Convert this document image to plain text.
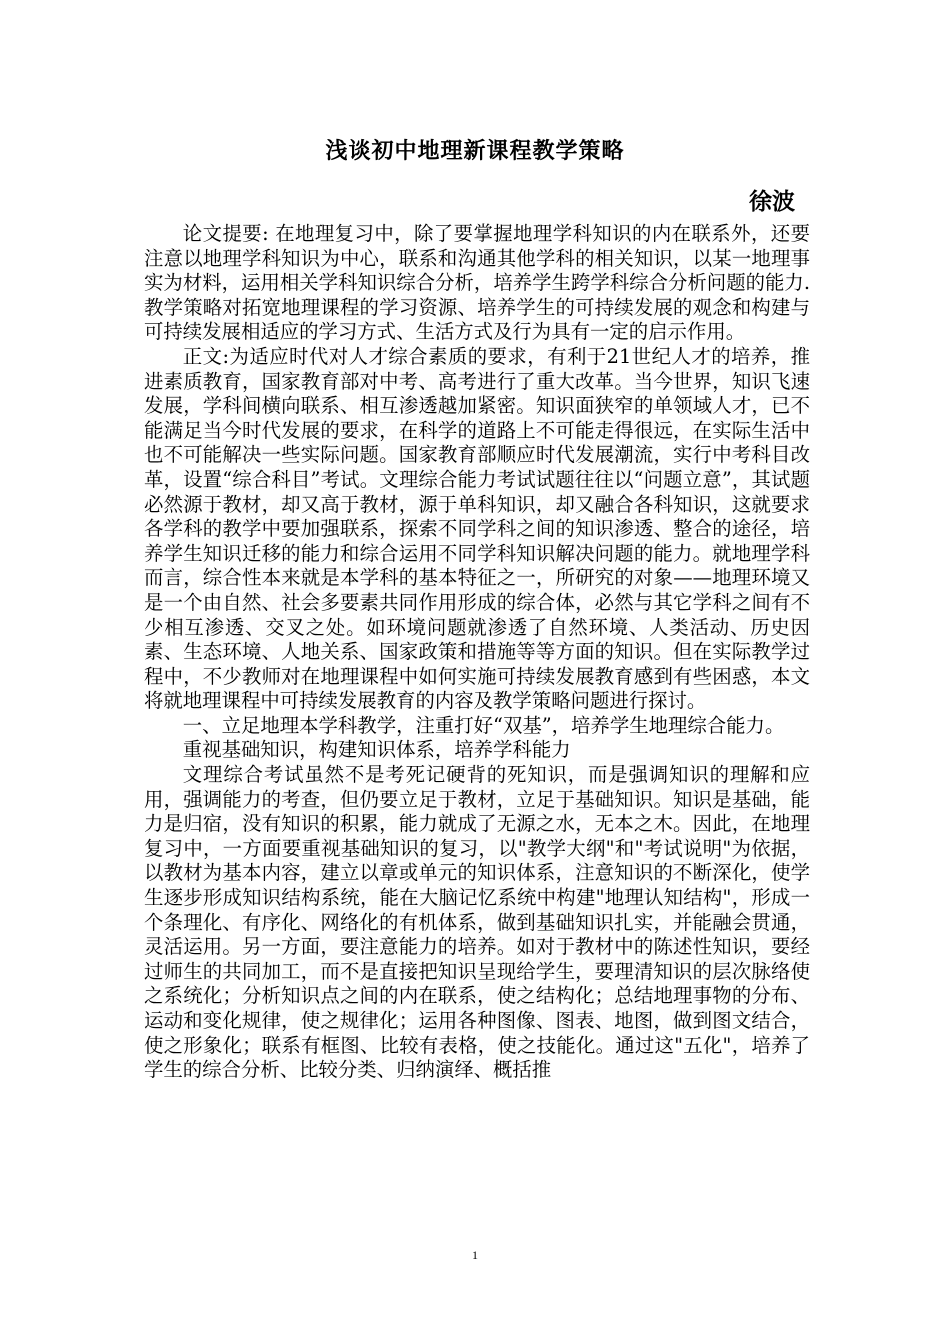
浅谈初中地理新课程教学策略
徐波

论文提要: 在地理复习中，除了要掌握地理学科知识的内在联系外，还要注意以地理学科知识为中心，联系和沟通其他学科的相关知识，以某一地理事实为材料，运用相关学科知识综合分析，培养学生跨学科综合分析问题的能力.教学策略对拓宽地理课程的学习资源、培养学生的可持续发展的观念和构建与可持续发展相适应的学习方式、生活方式及行为具有一定的启示作用。

正文:为适应时代对人才综合素质的要求，有利于21世纪人才的培养，推进素质教育，国家教育部对中考、高考进行了重大改革。当今世界，知识飞速发展，学科间横向联系、相互渗透越加紧密。知识面狭窄的单领域人才，已不能满足当今时代发展的要求，在科学的道路上不可能走得很远，在实际生活中也不可能解决一些实际问题。国家教育部顺应时代发展潮流，实行中考科目改革，设置“综合科目”考试。文理综合能力考试试题往往以“问题立意”，其试题必然源于教材，却又高于教材，源于单科知识，却又融合各科知识，这就要求各学科的教学中要加强联系，探索不同学科之间的知识渗透、整合的途径，培养学生知识迁移的能力和综合运用不同学科知识解决问题的能力。就地理学科而言，综合性本来就是本学科的基本特征之一，所研究的对象——地理环境又是一个由自然、社会多要素共同作用形成的综合体，必然与其它学科之间有不少相互渗透、交叉之处。如环境问题就渗透了自然环境、人类活动、历史因素、生态环境、人地关系、国家政策和措施等等方面的知识。但在实际教学过程中，不少教师对在地理课程中如何实施可持续发展教育感到有些困惑，本文将就地理课程中可持续发展教育的内容及教学策略问题进行探讨。

一、立足地理本学科教学，注重打好“双基”，培养学生地理综合能力。

重视基础知识，构建知识体系，培养学科能力

文理综合考试虽然不是考死记硬背的死知识，而是强调知识的理解和应用，强调能力的考查，但仍要立足于教材，立足于基础知识。知识是基础，能力是归宿，没有知识的积累，能力就成了无源之水，无本之木。因此，在地理复习中，一方面要重视基础知识的复习，以"教学大纲"和"考试说明"为依据，以教材为基本内容，建立以章或单元的知识体系，注意知识的不断深化，使学生逐步形成知识结构系统，能在大脑记忆系统中构建"地理认知结构"，形成一个条理化、有序化、网络化的有机体系，做到基础知识扎实，并能融会贯通，灵活运用。另一方面，要注意能力的培养。如对于教材中的陈述性知识，要经过师生的共同加工，而不是直接把知识呈现给学生，要理清知识的层次脉络使之系统化；分析知识点之间的内在联系，使之结构化；总结地理事物的分布、运动和变化规律，使之规律化；运用各种图像、图表、地图，做到图文结合，使之形象化；联系有框图、比较有表格，使之技能化。通过这"五化"，培养了学生的综合分析、比较分类、归纳演绎、概括推

1
